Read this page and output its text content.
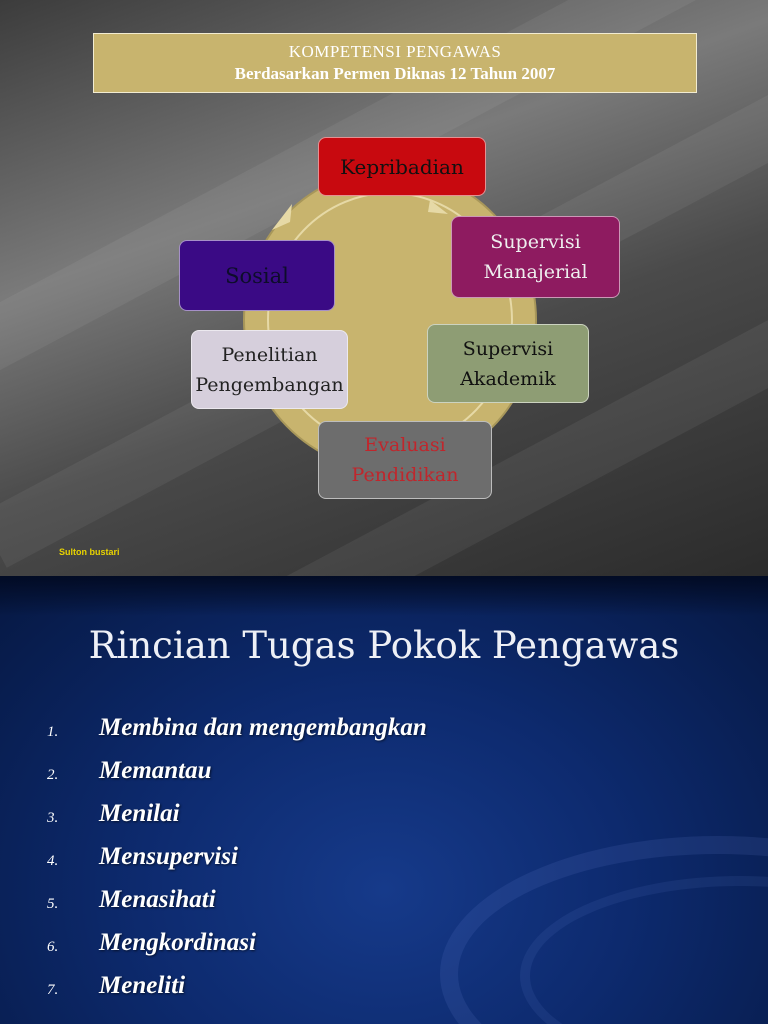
KOMPETENSI PENGAWAS
Berdasarkan Permen Diknas 12 Tahun 2007
Kepribadian
Supervisi
Manajerial
Supervisi
Akademik
Evaluasi
Pendidikan
Penelitian
Pengembangan
Sosial
Sulton bustari
Rincian Tugas Pokok Pengawas
1. Membina dan mengembangkan
2. Memantau
3. Menilai
4. Mensupervisi
5. Menasihati
6. Mengkordinasi
7. Meneliti
